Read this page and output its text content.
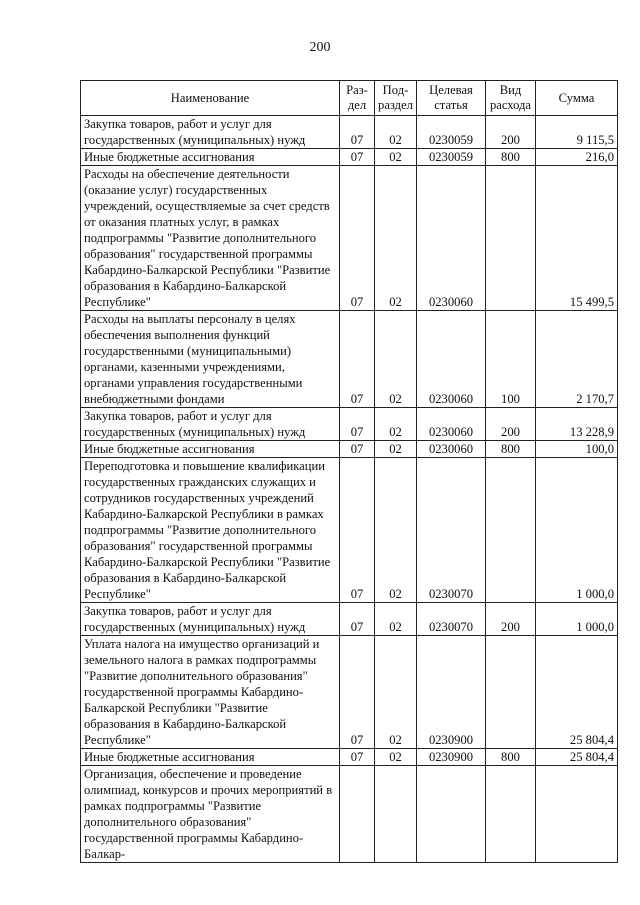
200
Наименование	Раз-дел	Под-раздел	Целевая статья	Вид расхода	Сумма
Закупка товаров, работ и услуг для государственных (муниципальных) нужд	07	02	0230059	200	9 115,5
Иные бюджетные ассигнования	07	02	0230059	800	216,0
Расходы на обеспечение деятельности (оказание услуг) государственных учреждений, осуществляемые за счет средств от оказания платных услуг, в рамках подпрограммы "Развитие дополнительного образования" государственной программы Кабардино-Балкарской Республики "Развитие образования в Кабардино-Балкарской Республике"	07	02	0230060		15 499,5
Расходы на выплаты персоналу в целях обеспечения выполнения функций государственными (муниципальными) органами, казенными учреждениями, органами управления государственными внебюджетными фондами	07	02	0230060	100	2 170,7
Закупка товаров, работ и услуг для государственных (муниципальных) нужд	07	02	0230060	200	13 228,9
Иные бюджетные ассигнования	07	02	0230060	800	100,0
Переподготовка и повышение квалификации государственных гражданских служащих и сотрудников государственных учреждений Кабардино-Балкарской Республики в рамках подпрограммы "Развитие дополнительного образования" государственной программы Кабардино-Балкарской Республики "Развитие образования в Кабардино-Балкарской Республике"	07	02	0230070		1 000,0
Закупка товаров, работ и услуг для государственных (муниципальных) нужд	07	02	0230070	200	1 000,0
Уплата налога на имущество организаций и земельного налога в рамках подпрограммы "Развитие дополнительного образования" государственной программы Кабардино-Балкарской Республики "Развитие образования в Кабардино-Балкарской Республике"	07	02	0230900		25 804,4
Иные бюджетные ассигнования	07	02	0230900	800	25 804,4
Организация, обеспечение и проведение олимпиад, конкурсов и прочих мероприятий в рамках подпрограммы "Развитие дополнительного образования" государственной программы Кабардино-Балкар-					
